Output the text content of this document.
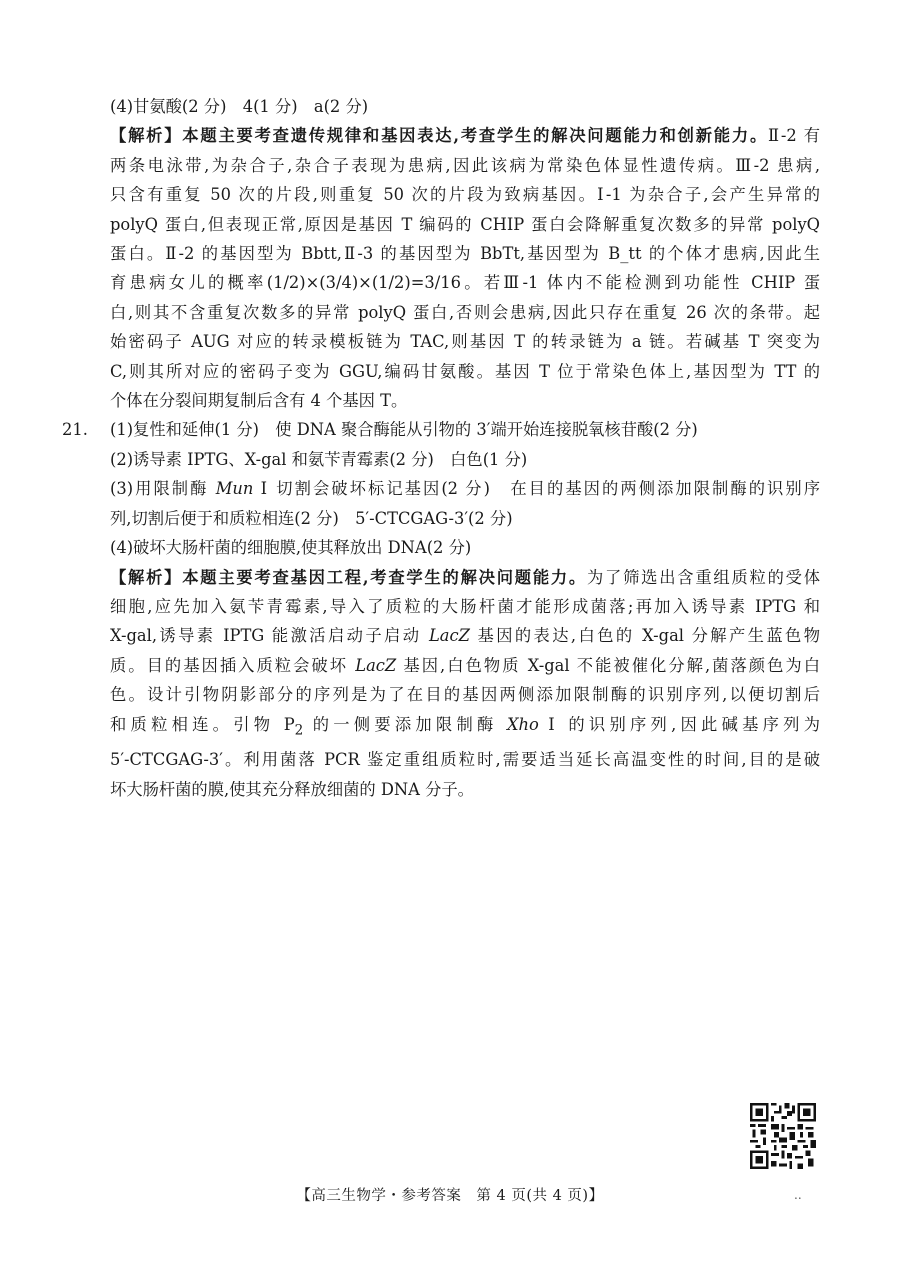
(4)甘氨酸(2 分)　4(1 分)　a(2 分)
【解析】本题主要考查遗传规律和基因表达,考查学生的解决问题能力和创新能力。Ⅱ-2 有
两条电泳带,为杂合子,杂合子表现为患病,因此该病为常染色体显性遗传病。Ⅲ-2 患病,
只含有重复 50 次的片段,则重复 50 次的片段为致病基因。Ⅰ-1 为杂合子,会产生异常的
polyQ 蛋白,但表现正常,原因是基因 T 编码的 CHIP 蛋白会降解重复次数多的异常 polyQ
蛋白。Ⅱ-2 的基因型为 Bbtt,Ⅱ-3 的基因型为 BbTt,基因型为 B_tt 的个体才患病,因此生
育患病女儿的概率(1/2)×(3/4)×(1/2)=3/16。若Ⅲ-1 体内不能检测到功能性 CHIP 蛋
白,则其不含重复次数多的异常 polyQ 蛋白,否则会患病,因此只存在重复 26 次的条带。起
始密码子 AUG 对应的转录模板链为 TAC,则基因 T 的转录链为 a 链。若碱基 T 突变为
C,则其所对应的密码子变为 GGU,编码甘氨酸。基因 T 位于常染色体上,基因型为 TT 的
个体在分裂间期复制后含有 4 个基因 T。
21.	(1)复性和延伸(1 分)　使 DNA 聚合酶能从引物的 3′端开始连接脱氧核苷酸(2 分)
(2)诱导素 IPTG、X-gal 和氨苄青霉素(2 分)　白色(1 分)
(3)用限制酶 Mun Ⅰ 切割会破坏标记基因(2 分)　在目的基因的两侧添加限制酶的识别序
列,切割后便于和质粒相连(2 分)　5′-CTCGAG-3′(2 分)
(4)破坏大肠杆菌的细胞膜,使其释放出 DNA(2 分)
【解析】本题主要考查基因工程,考查学生的解决问题能力。为了筛选出含重组质粒的受体
细胞,应先加入氨苄青霉素,导入了质粒的大肠杆菌才能形成菌落;再加入诱导素 IPTG 和
X-gal,诱导素 IPTG 能激活启动子启动 LacZ 基因的表达,白色的 X-gal 分解产生蓝色物
质。目的基因插入质粒会破坏 LacZ 基因,白色物质 X-gal 不能被催化分解,菌落颜色为白
色。设计引物阴影部分的序列是为了在目的基因两侧添加限制酶的识别序列,以便切割后
和质粒相连。引物 $P_2$ 的一侧要添加限制酶 Xho Ⅰ 的识别序列,因此碱基序列为
5′-CTCGAG-3′。利用菌落 PCR 鉴定重组质粒时,需要适当延长高温变性的时间,目的是破
坏大肠杆菌的膜,使其充分释放细菌的 DNA 分子。
【高三生物学・参考答案　第 4 页(共 4 页)】	..
